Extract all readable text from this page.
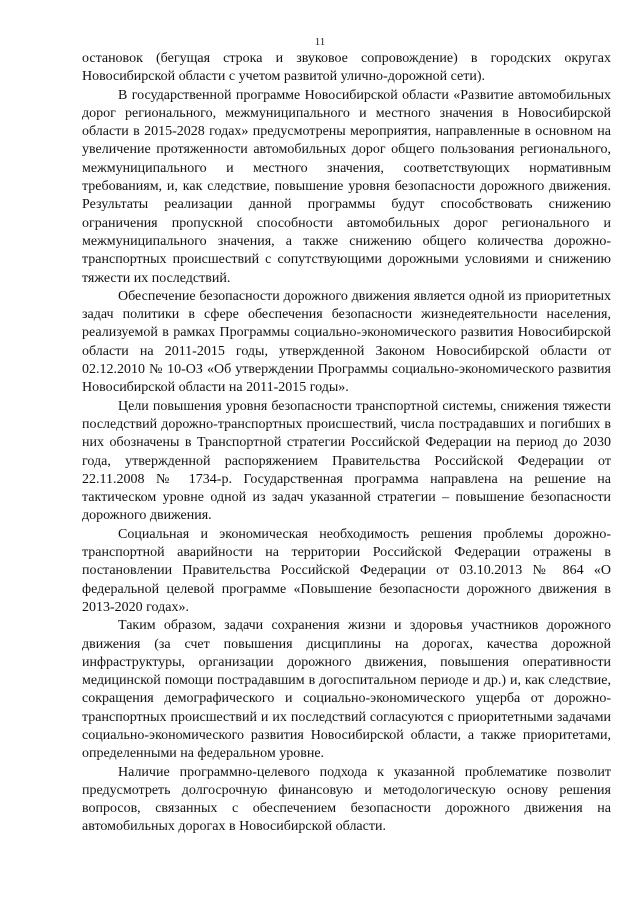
11

остановок (бегущая строка и звуковое сопровождение) в городских округах Новосибирской области с учетом развитой улично-дорожной сети).

В государственной программе Новосибирской области «Развитие автомобильных дорог регионального, межмуниципального и местного значения в Новосибирской области в 2015-2028 годах» предусмотрены мероприятия, направленные в основном на увеличение протяженности автомобильных дорог общего пользования регионального, межмуниципального и местного значения, соответствующих нормативным требованиям, и, как следствие, повышение уровня безопасности дорожного движения. Результаты реализации данной программы будут способствовать снижению ограничения пропускной способности автомобильных дорог регионального и межмуниципального значения, а также снижению общего количества дорожно-транспортных происшествий с сопутствующими дорожными условиями и снижению тяжести их последствий.

Обеспечение безопасности дорожного движения является одной из приоритетных задач политики в сфере обеспечения безопасности жизнедеятельности населения, реализуемой в рамках Программы социально-экономического развития Новосибирской области на 2011-2015 годы, утвержденной Законом Новосибирской области от 02.12.2010 № 10-ОЗ «Об утверждении Программы социально-экономического развития Новосибирской области на 2011-2015 годы».

Цели повышения уровня безопасности транспортной системы, снижения тяжести последствий дорожно-транспортных происшествий, числа пострадавших и погибших в них обозначены в Транспортной стратегии Российской Федерации на период до 2030 года, утвержденной распоряжением Правительства Российской Федерации от 22.11.2008 № 1734-р. Государственная программа направлена на решение на тактическом уровне одной из задач указанной стратегии – повышение безопасности дорожного движения.

Социальная и экономическая необходимость решения проблемы дорожно-транспортной аварийности на территории Российской Федерации отражены в постановлении Правительства Российской Федерации от 03.10.2013 № 864 «О федеральной целевой программе «Повышение безопасности дорожного движения в 2013-2020 годах».

Таким образом, задачи сохранения жизни и здоровья участников дорожного движения (за счет повышения дисциплины на дорогах, качества дорожной инфраструктуры, организации дорожного движения, повышения оперативности медицинской помощи пострадавшим в догоспитальном периоде и др.) и, как следствие, сокращения демографического и социально-экономического ущерба от дорожно-транспортных происшествий и их последствий согласуются с приоритетными задачами социально-экономического развития Новосибирской области, а также приоритетами, определенными на федеральном уровне.

Наличие программно-целевого подхода к указанной проблематике позволит предусмотреть долгосрочную финансовую и методологическую основу решения вопросов, связанных с обеспечением безопасности дорожного движения на автомобильных дорогах в Новосибирской области.
